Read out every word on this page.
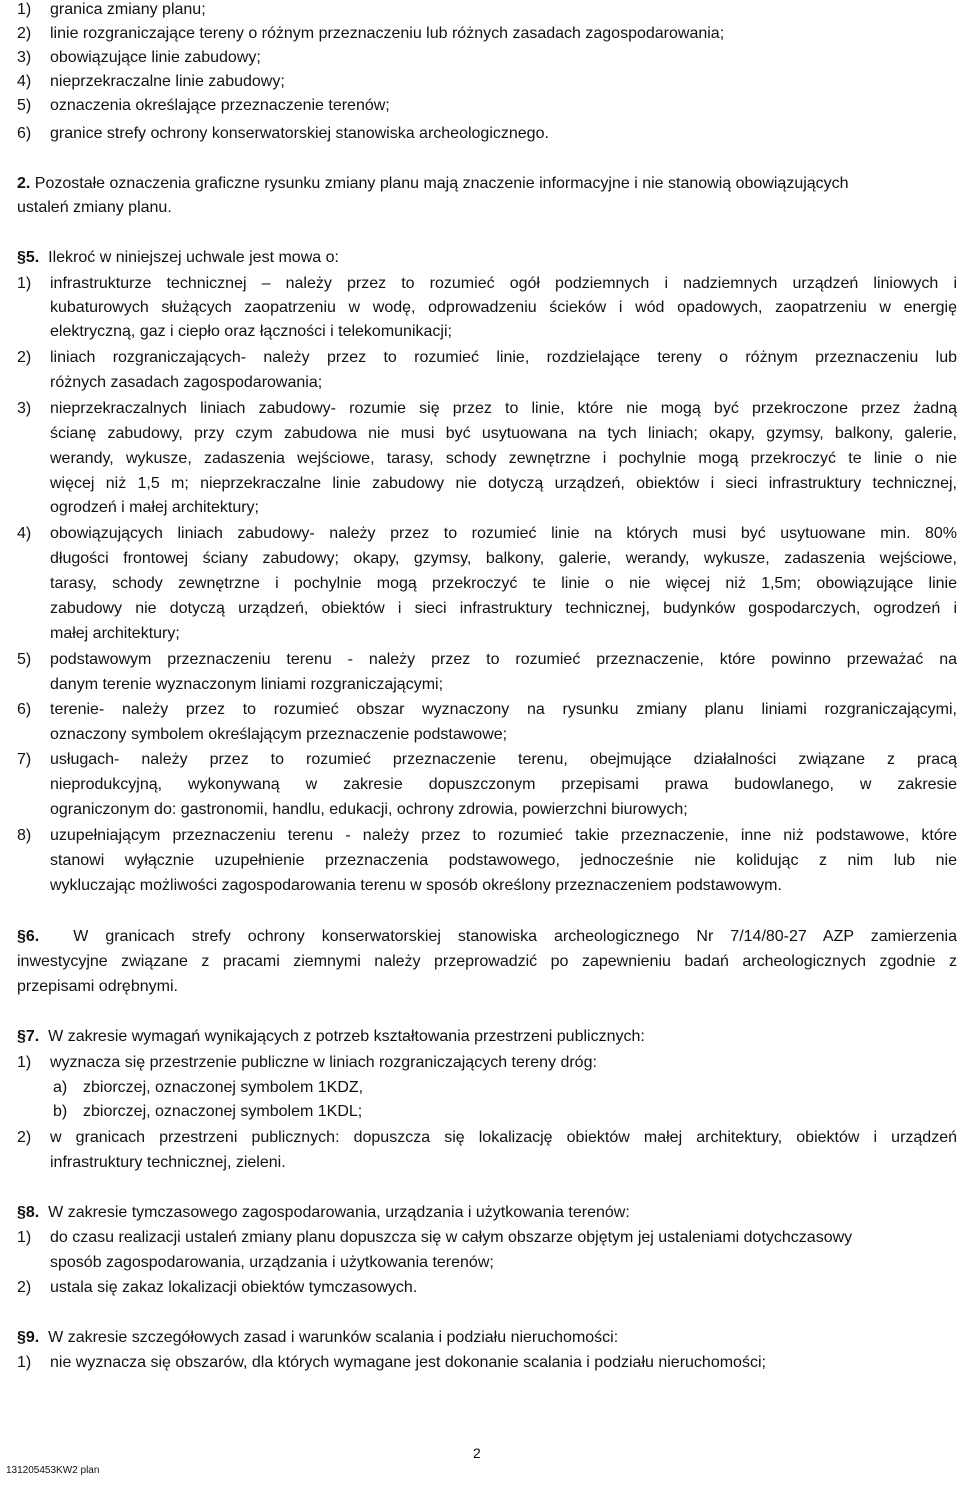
1) granica zmiany planu;
2) linie rozgraniczające tereny o różnym przeznaczeniu lub różnych zasadach zagospodarowania;
3) obowiązujące linie zabudowy;
4) nieprzekraczalne linie zabudowy;
5) oznaczenia określające przeznaczenie terenów;
6) granice strefy ochrony konserwatorskiej stanowiska archeologicznego.
2. Pozostałe oznaczenia graficzne rysunku zmiany planu mają znaczenie informacyjne i nie stanowią obowiązujących
ustaleń zmiany planu.
§5. Ilekroć w niniejszej uchwale jest mowa o:
1) infrastrukturze technicznej – należy przez to rozumieć ogół podziemnych i nadziemnych urządzeń liniowych i
kubaturowych służących zaopatrzeniu w wodę, odprowadzeniu ścieków i wód opadowych, zaopatrzeniu w energię
elektryczną, gaz i ciepło oraz łączności i telekomunikacji;
2) liniach rozgraniczających- należy przez to rozumieć linie, rozdzielające tereny o różnym przeznaczeniu lub
różnych zasadach zagospodarowania;
3) nieprzekraczalnych liniach zabudowy- rozumie się przez to linie, które nie mogą być przekroczone przez żadną
ścianę zabudowy, przy czym zabudowa nie musi być usytuowana na tych liniach; okapy, gzymsy, balkony, galerie,
werandy, wykusze, zadaszenia wejściowe, tarasy, schody zewnętrzne i pochylnie mogą przekroczyć te linie o nie
więcej niż 1,5 m; nieprzekraczalne linie zabudowy nie dotyczą urządzeń, obiektów i sieci infrastruktury technicznej,
ogrodzeń i małej architektury;
4) obowiązujących liniach zabudowy- należy przez to rozumieć linie na których musi być usytuowane min. 80%
długości frontowej ściany zabudowy; okapy, gzymsy, balkony, galerie, werandy, wykusze, zadaszenia wejściowe,
tarasy, schody zewnętrzne i pochylnie mogą przekroczyć te linie o nie więcej niż 1,5m; obowiązujące linie
zabudowy nie dotyczą urządzeń, obiektów i sieci infrastruktury technicznej, budynków gospodarczych, ogrodzeń i
małej architektury;
5) podstawowym przeznaczeniu terenu - należy przez to rozumieć przeznaczenie, które powinno przeważać na
danym terenie wyznaczonym liniami rozgraniczającymi;
6) terenie- należy przez to rozumieć obszar wyznaczony na rysunku zmiany planu liniami rozgraniczającymi,
oznaczony symbolem określającym przeznaczenie podstawowe;
7) usługach- należy przez to rozumieć przeznaczenie terenu, obejmujące działalności związane z pracą
nieprodukcyjną, wykonywaną w zakresie dopuszczonym przepisami prawa budowlanego, w zakresie
ograniczonym do: gastronomii, handlu, edukacji, ochrony zdrowia, powierzchni biurowych;
8) uzupełniającym przeznaczeniu terenu - należy przez to rozumieć takie przeznaczenie, inne niż podstawowe, które
stanowi wyłącznie uzupełnienie przeznaczenia podstawowego, jednocześnie nie kolidując z nim lub nie
wykluczając możliwości zagospodarowania terenu w sposób określony przeznaczeniem podstawowym.
§6. W granicach strefy ochrony konserwatorskiej stanowiska archeologicznego Nr 7/14/80-27 AZP zamierzenia
inwestycyjne związane z pracami ziemnymi należy przeprowadzić po zapewnieniu badań archeologicznych zgodnie z
przepisami odrębnymi.
§7. W zakresie wymagań wynikających z potrzeb kształtowania przestrzeni publicznych:
1) wyznacza się przestrzenie publiczne w liniach rozgraniczających tereny dróg:
a) zbiorczej, oznaczonej symbolem 1KDZ,
b) zbiorczej, oznaczonej symbolem 1KDL;
2) w granicach przestrzeni publicznych: dopuszcza się lokalizację obiektów małej architektury, obiektów i urządzeń
infrastruktury technicznej, zieleni.
§8. W zakresie tymczasowego zagospodarowania, urządzania i użytkowania terenów:
1) do czasu realizacji ustaleń zmiany planu dopuszcza się w całym obszarze objętym jej ustaleniami dotychczasowy
sposób zagospodarowania, urządzania i użytkowania terenów;
2) ustala się zakaz lokalizacji obiektów tymczasowych.
§9. W zakresie szczegółowych zasad i warunków scalania i podziału nieruchomości:
1) nie wyznacza się obszarów, dla których wymagane jest dokonanie scalania i podziału nieruchomości;
2
131205453KW2 plan
